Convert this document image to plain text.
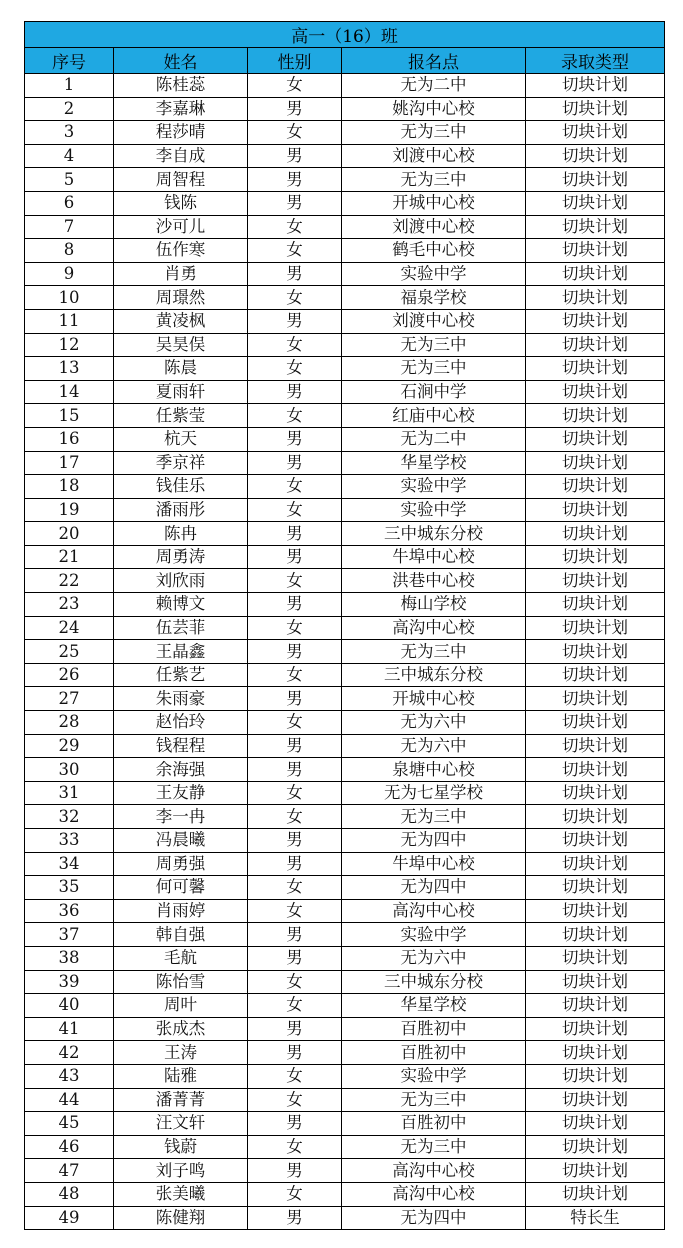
高一（16）班				
序号	姓名	性别	报名点	录取类型
1	陈桂蕊	女	无为二中	切块计划
2	李嘉琳	男	姚沟中心校	切块计划
3	程莎晴	女	无为三中	切块计划
4	李自成	男	刘渡中心校	切块计划
5	周智程	男	无为三中	切块计划
6	钱陈	男	开城中心校	切块计划
7	沙可儿	女	刘渡中心校	切块计划
8	伍作寒	女	鹤毛中心校	切块计划
9	肖勇	男	实验中学	切块计划
10	周璟然	女	福泉学校	切块计划
11	黄凌枫	男	刘渡中心校	切块计划
12	吴昊俣	女	无为三中	切块计划
13	陈晨	女	无为三中	切块计划
14	夏雨轩	男	石涧中学	切块计划
15	任紫莹	女	红庙中心校	切块计划
16	杭天	男	无为二中	切块计划
17	季京祥	男	华星学校	切块计划
18	钱佳乐	女	实验中学	切块计划
19	潘雨彤	女	实验中学	切块计划
20	陈冉	男	三中城东分校	切块计划
21	周勇涛	男	牛埠中心校	切块计划
22	刘欣雨	女	洪巷中心校	切块计划
23	赖博文	男	梅山学校	切块计划
24	伍芸菲	女	高沟中心校	切块计划
25	王晶鑫	男	无为三中	切块计划
26	任紫艺	女	三中城东分校	切块计划
27	朱雨豪	男	开城中心校	切块计划
28	赵怡玲	女	无为六中	切块计划
29	钱程程	男	无为六中	切块计划
30	余海强	男	泉塘中心校	切块计划
31	王友静	女	无为七星学校	切块计划
32	李一冉	女	无为三中	切块计划
33	冯晨曦	男	无为四中	切块计划
34	周勇强	男	牛埠中心校	切块计划
35	何可馨	女	无为四中	切块计划
36	肖雨婷	女	高沟中心校	切块计划
37	韩自强	男	实验中学	切块计划
38	毛航	男	无为六中	切块计划
39	陈怡雪	女	三中城东分校	切块计划
40	周叶	女	华星学校	切块计划
41	张成杰	男	百胜初中	切块计划
42	王涛	男	百胜初中	切块计划
43	陆雅	女	实验中学	切块计划
44	潘菁菁	女	无为三中	切块计划
45	汪文轩	男	百胜初中	切块计划
46	钱蔚	女	无为三中	切块计划
47	刘子鸣	男	高沟中心校	切块计划
48	张美曦	女	高沟中心校	切块计划
49	陈健翔	男	无为四中	特长生
